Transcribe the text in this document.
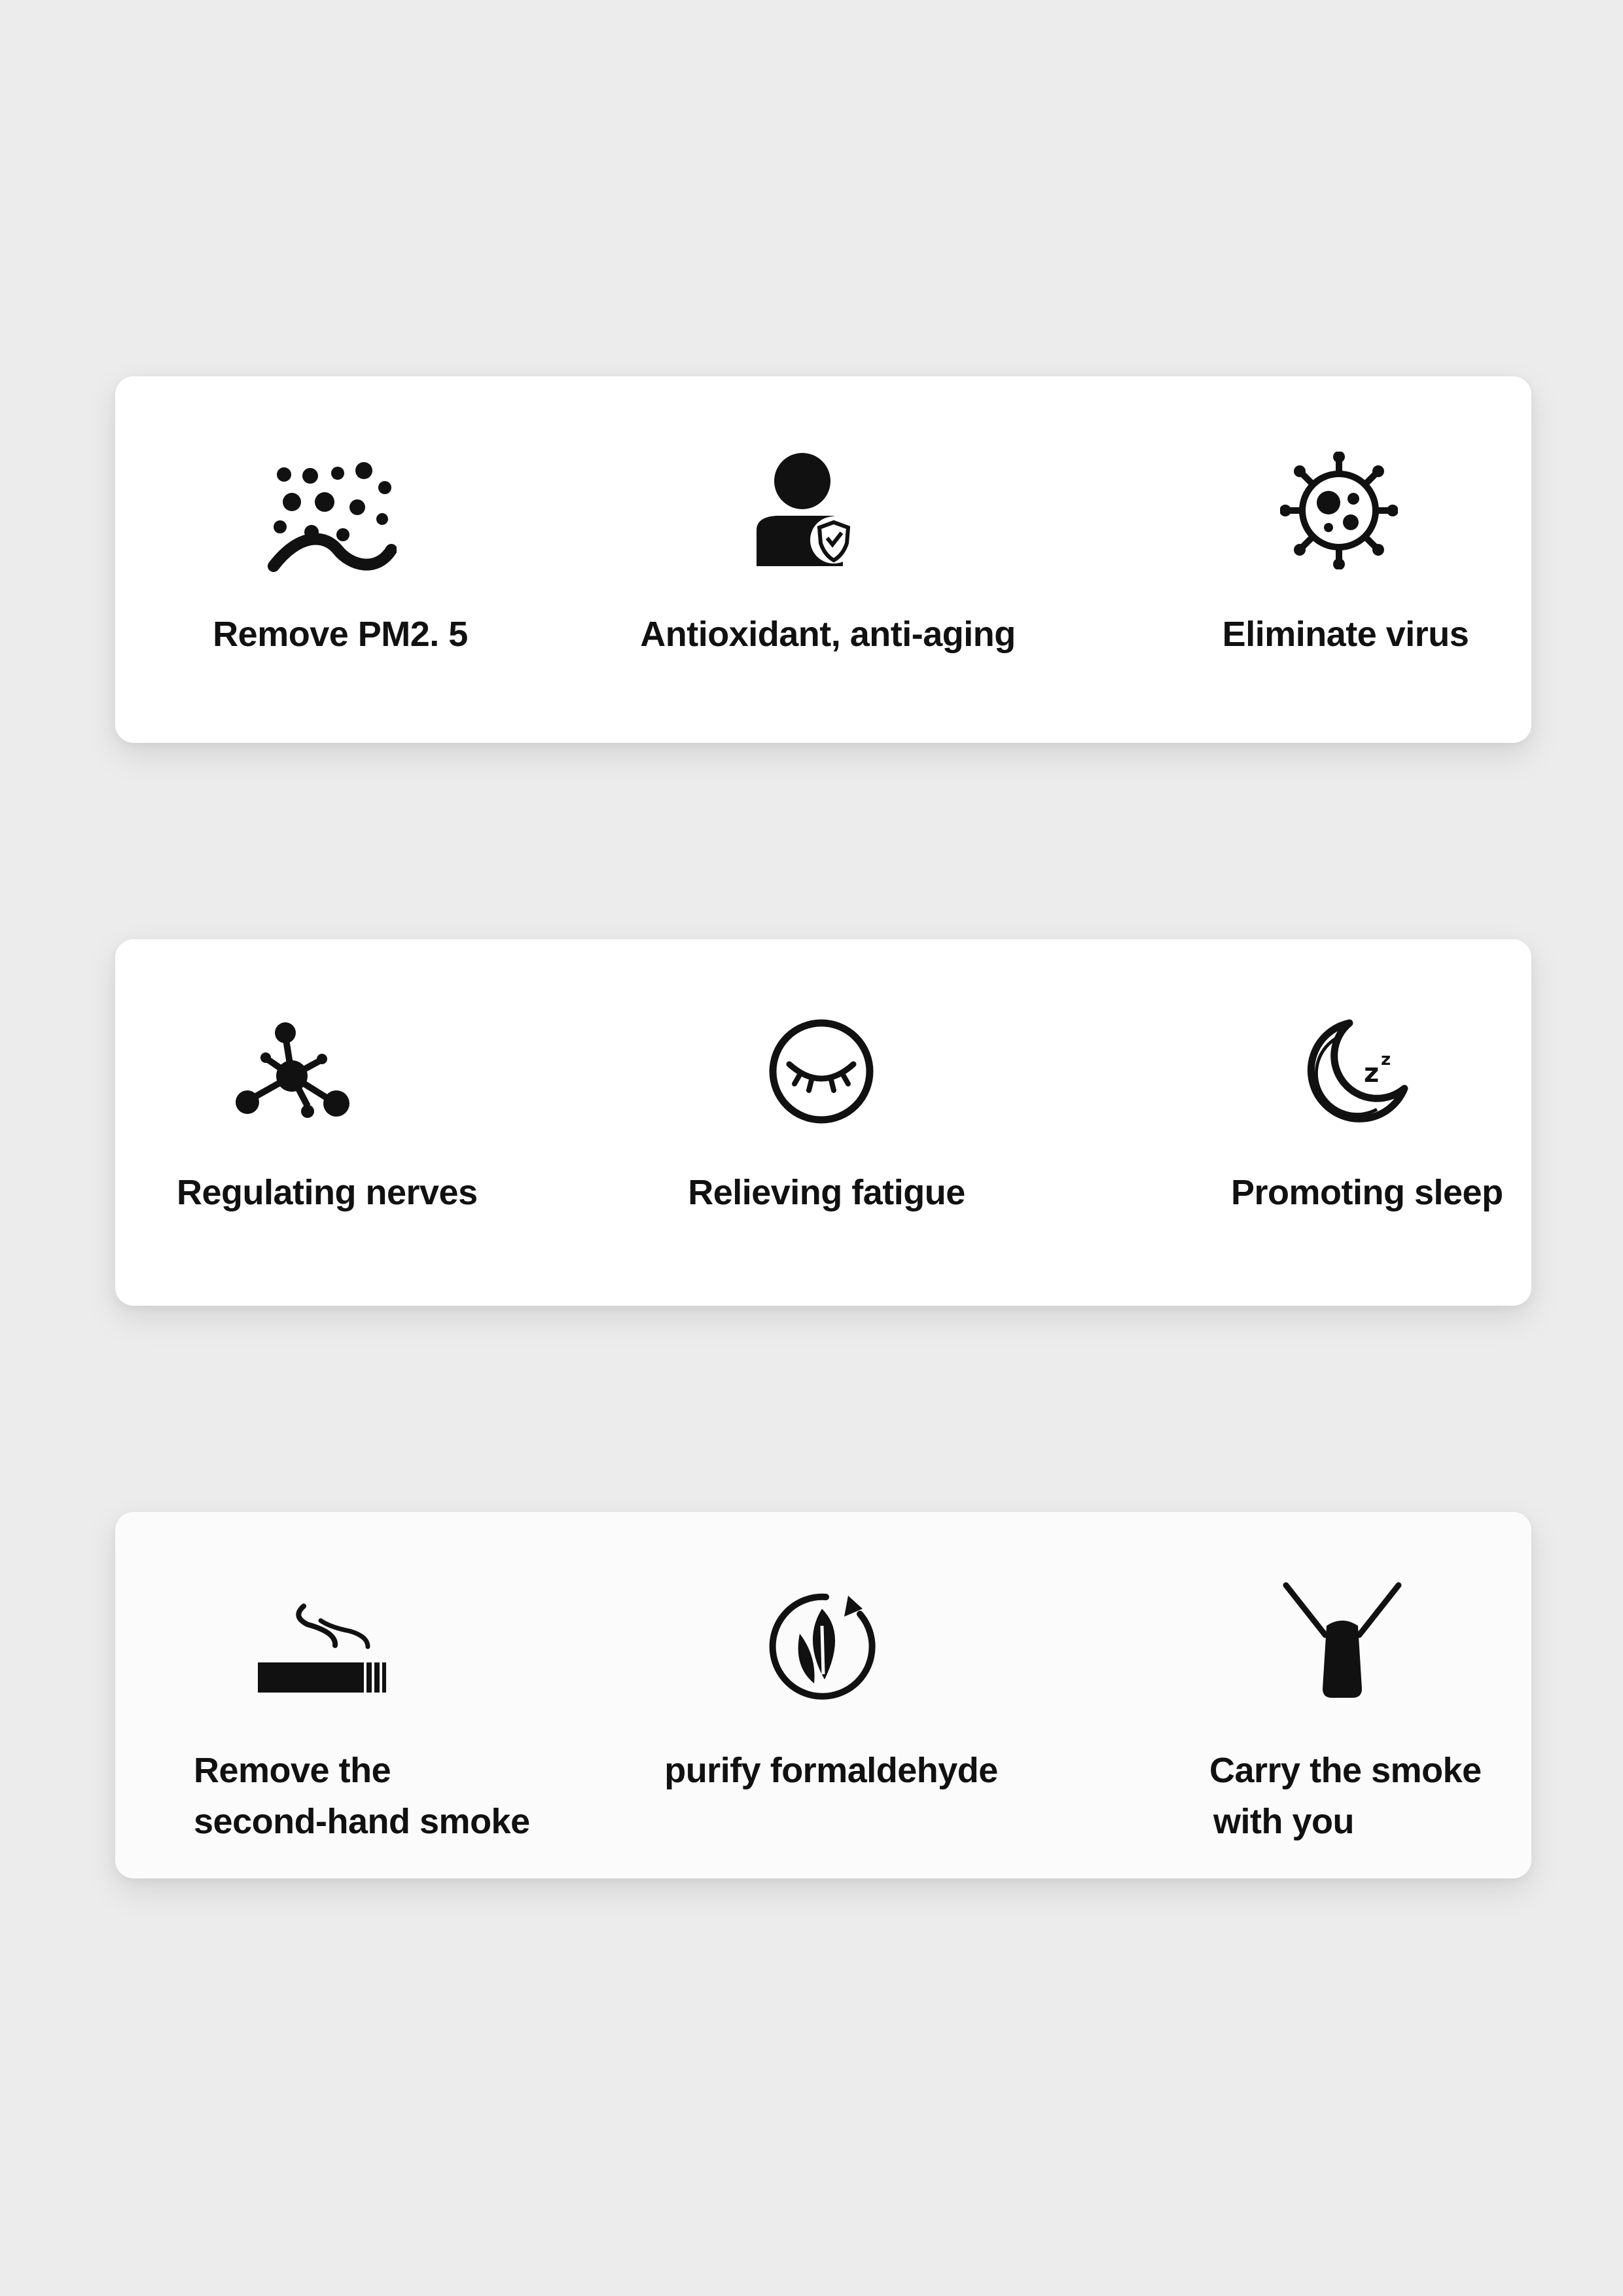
Remove PM2. 5	Antioxidant, anti-aging	Eliminate virus

Regulating nerves	Relieving fatigue

z z

Promoting sleep

Remove the

second-hand smoke

purify formaldehyde	Carry the smoke

with you
